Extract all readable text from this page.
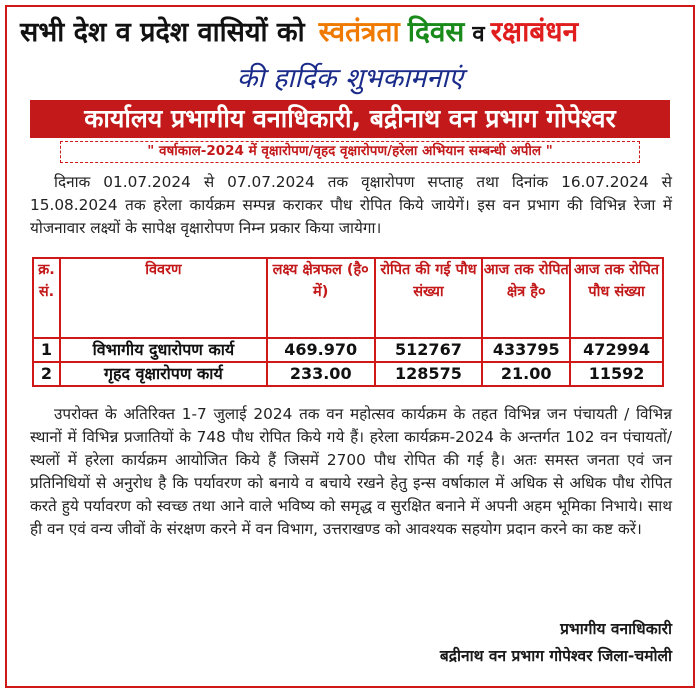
सभी देश व प्रदेश वासियों को स्वतंत्रता दिवस व रक्षाबंधन
की हार्दिक शुभकामनाएं
कार्यालय प्रभागीय वनाधिकारी, बद्रीनाथ वन प्रभाग गोपेश्वर
" वर्षाकाल-2024 में वृक्षारोपण/वृहद वृक्षारोपण/हरेला अभियान सम्बन्धी अपील "
दिनाक 01.07.2024 से 07.07.2024 तक वृक्षारोपण सप्ताह तथा दिनांक 16.07.2024 से 15.08.2024 तक हरेला कार्यक्रम सम्पन्न कराकर पौध रोपित किये जायेगें। इस वन प्रभाग की विभिन्न रेजा में योजनावार लक्ष्यों के सापेक्ष वृक्षारोपण निम्न प्रकार किया जायेगा।
क्र. सं.	विवरण	लक्ष्य क्षेत्रफल (है० में)	रोपित की गई पौध संख्या	आज तक रोपित क्षेत्र है०	आज तक रोपित पौध संख्या
1	विभागीय दुधारोपण कार्य	469.970	512767	433795	472994
2	गृहद वृक्षारोपण कार्य	233.00	128575	21.00	11592
उपरोक्त के अतिरिक्त 1-7 जुलाई 2024 तक वन महोत्सव कार्यक्रम के तहत विभिन्न जन पंचायती / विभिन्न स्थानों में विभिन्न प्रजातियों के 748 पौध रोपित किये गये हैं। हरेला कार्यक्रम-2024 के अन्तर्गत 102 वन पंचायतों/स्थलों में हरेला कार्यक्रम आयोजित किये हैं जिसमें 2700 पौध रोपित की गई है। अतः समस्त जनता एवं जन प्रतिनिधियों से अनुरोध है कि पर्यावरण को बनाये व बचाये रखने हेतु इन्स वर्षाकाल में अधिक से अधिक पौध रोपित करते हुये पर्यावरण को स्वच्छ तथा आने वाले भविष्य को समृद्ध व सुरक्षित बनाने में अपनी अहम भूमिका निभाये। साथ ही वन एवं वन्य जीवों के संरक्षण करने में वन विभाग, उत्तराखण्ड को आवश्यक सहयोग प्रदान करने का कष्ट करें।
प्रभागीय वनाधिकारी
बद्रीनाथ वन प्रभाग गोपेश्वर जिला-चमोली
